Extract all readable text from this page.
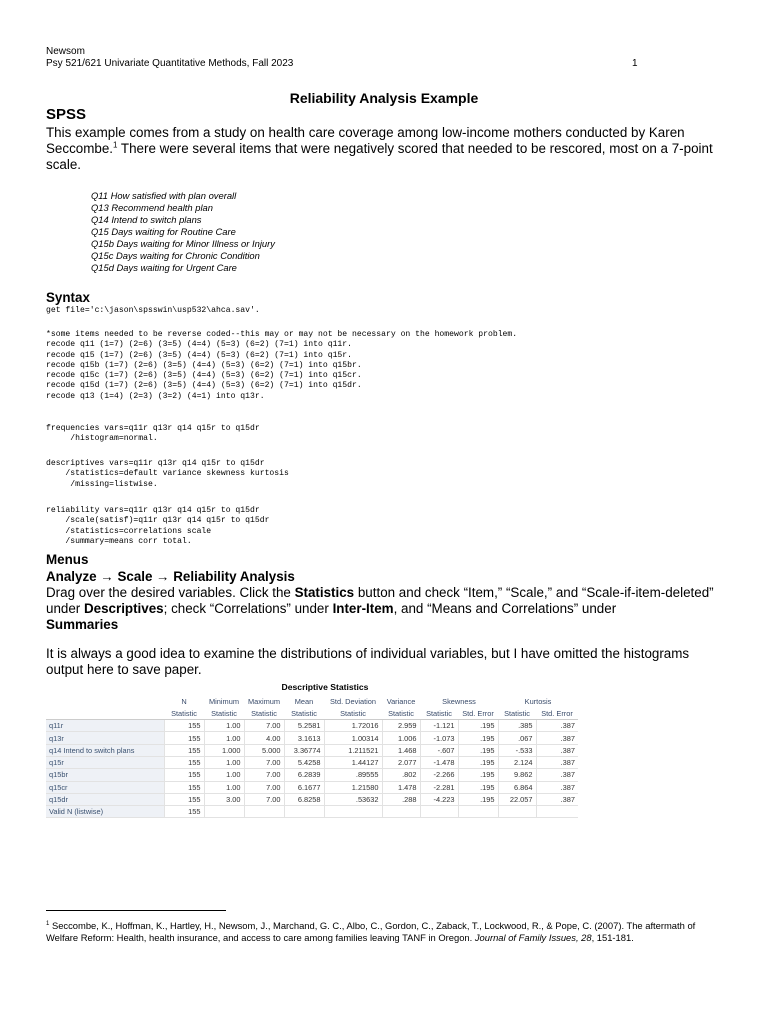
Newsom
Psy 521/621 Univariate Quantitative Methods, Fall 2023	1
Reliability Analysis Example
SPSS

This example comes from a study on health care coverage among low-income mothers conducted by Karen Seccombe.$^1$ There were several items that were negatively scored that needed to be rescored, most on a 7-point scale.

Q11 How satisfied with plan overall
Q13 Recommend health plan
Q14 Intend to switch plans
Q15 Days waiting for Routine Care
Q15b Days waiting for Minor Illness or Injury
Q15c Days waiting for Chronic Condition
Q15d Days waiting for Urgent Care
Syntax
get file='c:\jason\spsswin\usp532\ahca.sav'.
*some items needed to be reverse coded--this may or may not be necessary on the homework problem.
recode q11 (1=7) (2=6) (3=5) (4=4) (5=3) (6=2) (7=1) into q11r.
recode q15 (1=7) (2=6) (3=5) (4=4) (5=3) (6=2) (7=1) into q15r.
recode q15b (1=7) (2=6) (3=5) (4=4) (5=3) (6=2) (7=1) into q15br.
recode q15c (1=7) (2=6) (3=5) (4=4) (5=3) (6=2) (7=1) into q15cr.
recode q15d (1=7) (2=6) (3=5) (4=4) (5=3) (6=2) (7=1) into q15dr.
recode q13 (1=4) (2=3) (3=2) (4=1) into q13r.
frequencies vars=q11r q13r q14 q15r to q15dr
/histogram=normal.
descriptives vars=q11r q13r q14 q15r to q15dr
/statistics=default variance skewness kurtosis
/missing=listwise.
reliability vars=q11r q13r q14 q15r to q15dr
/scale(satisf)=q11r q13r q14 q15r to q15dr
/statistics=correlations scale
/summary=means corr total.
Menus
Analyze → Scale → Reliability Analysis

Drag over the desired variables. Click the Statistics button and check “Item,” “Scale,” and “Scale-if-item-deleted” under Descriptives; check “Correlations” under Inter-Item, and “Means and Correlations” under
Summaries

It is always a good idea to examine the distributions of individual variables, but I have omitted the histograms output here to save paper.

Descriptive Statistics
	N	Minimum	Maximum	Mean	Std. Deviation	Variance	Skewness		Kurtosis	
	Statistic	Statistic	Statistic	Statistic	Statistic	Statistic	Statistic	Std. Error	Statistic	Std. Error
q11r	155	1.00	7.00	5.2581	1.72016	2.959	-1.121	.195	.385	.387
q13r	155	1.00	4.00	3.1613	1.00314	1.006	-1.073	.195	.067	.387
q14 Intend to switch plans	155	1.000	5.000	3.36774	1.211521	1.468	-.607	.195	-.533	.387
q15r	155	1.00	7.00	5.4258	1.44127	2.077	-1.478	.195	2.124	.387
q15br	155	1.00	7.00	6.2839	.89555	.802	-2.266	.195	9.862	.387
q15cr	155	1.00	7.00	6.1677	1.21580	1.478	-2.281	.195	6.864	.387
q15dr	155	3.00	7.00	6.8258	.53632	.288	-4.223	.195	22.057	.387
Valid N (listwise)	155									

$^1$ Seccombe, K., Hoffman, K., Hartley, H., Newsom, J., Marchand, G. C., Albo, C., Gordon, C., Zaback, T., Lockwood, R., & Pope, C. (2007). The aftermath of Welfare Reform: Health, health insurance, and access to care among families leaving TANF in Oregon. Journal of Family Issues, 28, 151-181.
